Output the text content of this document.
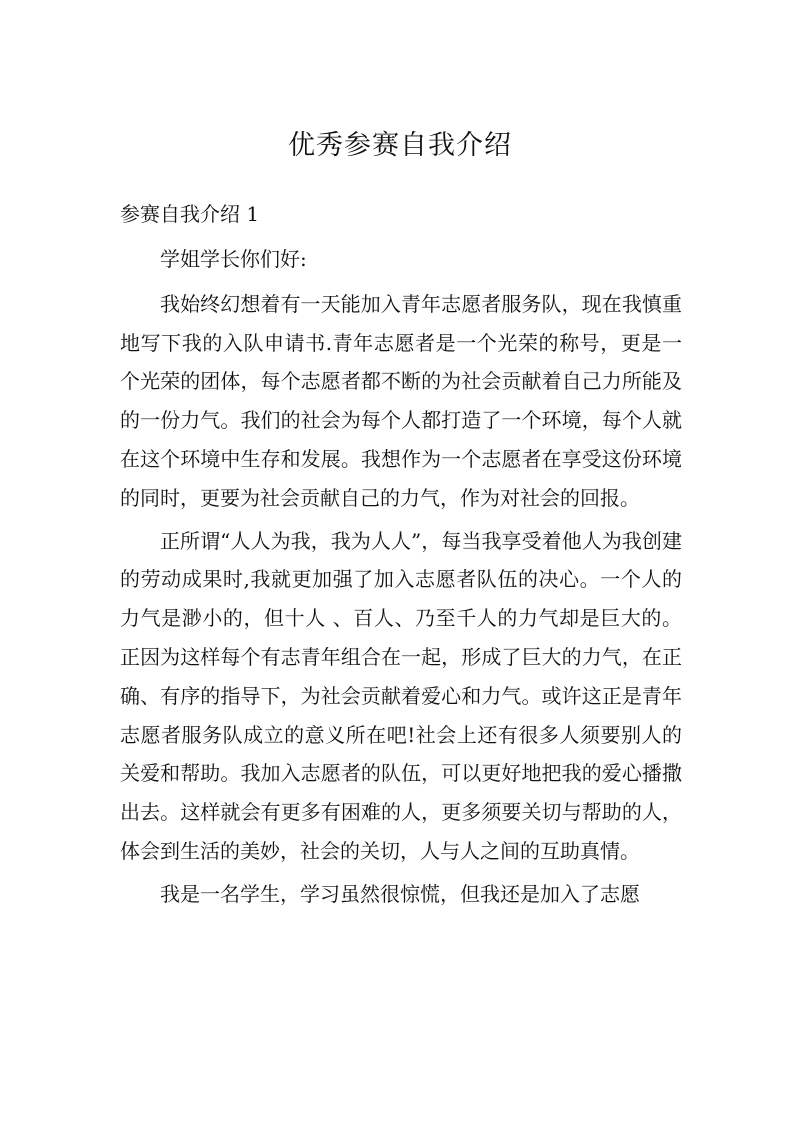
优秀参赛自我介绍
参赛自我介绍 1

学姐学长你们好:

我始终幻想着有一天能加入青年志愿者服务队，现在我慎重地写下我的入队申请书.青年志愿者是一个光荣的称号，更是一个光荣的团体，每个志愿者都不断的为社会贡献着自己力所能及的一份力气。我们的社会为每个人都打造了一个环境，每个人就在这个环境中生存和发展。我想作为一个志愿者在享受这份环境的同时，更要为社会贡献自己的力气，作为对社会的回报。

正所谓“人人为我，我为人人”，每当我享受着他人为我创建的劳动成果时,我就更加强了加入志愿者队伍的决心。一个人的力气是渺小的，但十人 、百人、乃至千人的力气却是巨大的。正因为这样每个有志青年组合在一起，形成了巨大的力气，在正确、有序的指导下，为社会贡献着爱心和力气。或许这正是青年志愿者服务队成立的意义所在吧!社会上还有很多人须要别人的关爱和帮助。我加入志愿者的队伍，可以更好地把我的爱心播撒出去。这样就会有更多有困难的人，更多须要关切与帮助的人，体会到生活的美妙，社会的关切，人与人之间的互助真情。

我是一名学生，学习虽然很惊慌，但我还是加入了志愿
